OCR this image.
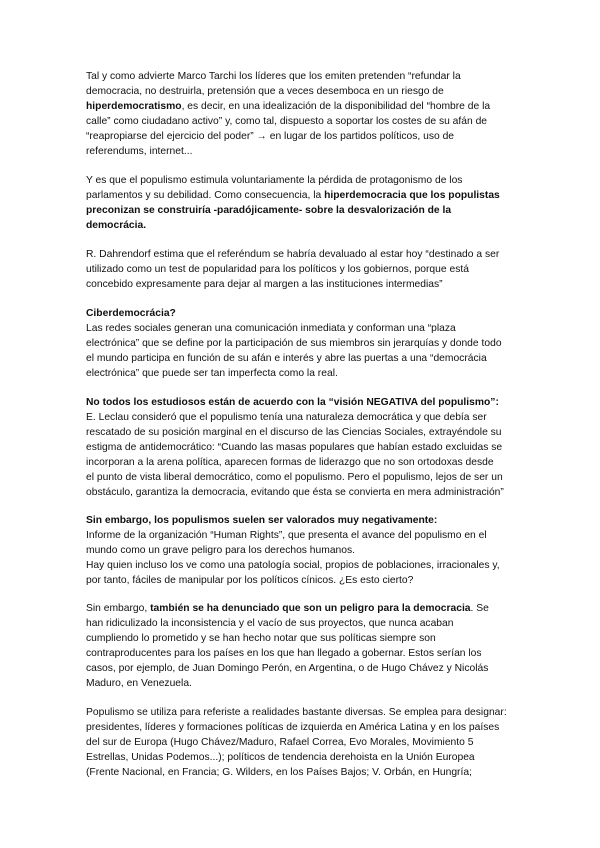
Tal y como advierte Marco Tarchi los líderes que los emiten pretenden “refundar la
democracia, no destruirla, pretensión que a veces desemboca en un riesgo de
hiperdemocratismo, es decir, en una idealización de la disponibilidad del “hombre de la
calle” como ciudadano activo” y, como tal, dispuesto a soportar los costes de su afán de
“reapropiarse del ejercicio del poder” → en lugar de los partidos políticos, uso de
referendums, internet...
Y es que el populismo estimula voluntariamente la pérdida de protagonismo de los
parlamentos y su debilidad. Como consecuencia, la hiperdemocracia que los populistas
preconizan se construiría -paradójicamente- sobre la desvalorización de la
democrácia.
R. Dahrendorf estima que el referéndum se habría devaluado al estar hoy “destinado a ser
utilizado como un test de popularidad para los políticos y los gobiernos, porque está
concebido expresamente para dejar al margen a las instituciones intermedias”
Ciberdemocrácia?
Las redes sociales generan una comunicación inmediata y conforman una “plaza
electrónica” que se define por la participación de sus miembros sin jerarquías y donde todo
el mundo participa en función de su afán e interés y abre las puertas a una “democrácia
electrónica” que puede ser tan imperfecta como la real.
No todos los estudiosos están de acuerdo con la “visión NEGATIVA del populismo”:
E. Leclau consideró que el populismo tenía una naturaleza democrática y que debía ser
rescatado de su posición marginal en el discurso de las Ciencias Sociales, extrayéndole su
estigma de antidemocrático: “Cuando las masas populares que habían estado excluidas se
incorporan a la arena política, aparecen formas de liderazgo que no son ortodoxas desde
el punto de vista liberal democrático, como el populismo. Pero el populismo, lejos de ser un
obstáculo, garantiza la democracia, evitando que ésta se convierta en mera administración”
Sin embargo, los populismos suelen ser valorados muy negativamente:
Informe de la organización “Human Rights”, que presenta el avance del populismo en el
mundo como un grave peligro para los derechos humanos.
Hay quien incluso los ve como una patología social, propios de poblaciones, irracionales y,
por tanto, fáciles de manipular por los políticos cínicos. ¿Es esto cierto?
Sin embargo, también se ha denunciado que son un peligro para la democracia. Se
han ridiculizado la inconsistencia y el vacío de sus proyectos, que nunca acaban
cumpliendo lo prometido y se han hecho notar que sus políticas siempre son
contraproducentes para los países en los que han llegado a gobernar. Estos serían los
casos, por ejemplo, de Juan Domingo Perón, en Argentina, o de Hugo Chávez y Nicolás
Maduro, en Venezuela.
Populismo se utiliza para referiste a realidades bastante diversas. Se emplea para designar:
presidentes, líderes y formaciones políticas de izquierda en América Latina y en los países
del sur de Europa (Hugo Chávez/Maduro, Rafael Correa, Evo Morales, Movimiento 5
Estrellas, Unidas Podemos...); políticos de tendencia derehoista en la Unión Europea
(Frente Nacional, en Francia; G. Wilders, en los Países Bajos; V. Orbán, en Hungría;
